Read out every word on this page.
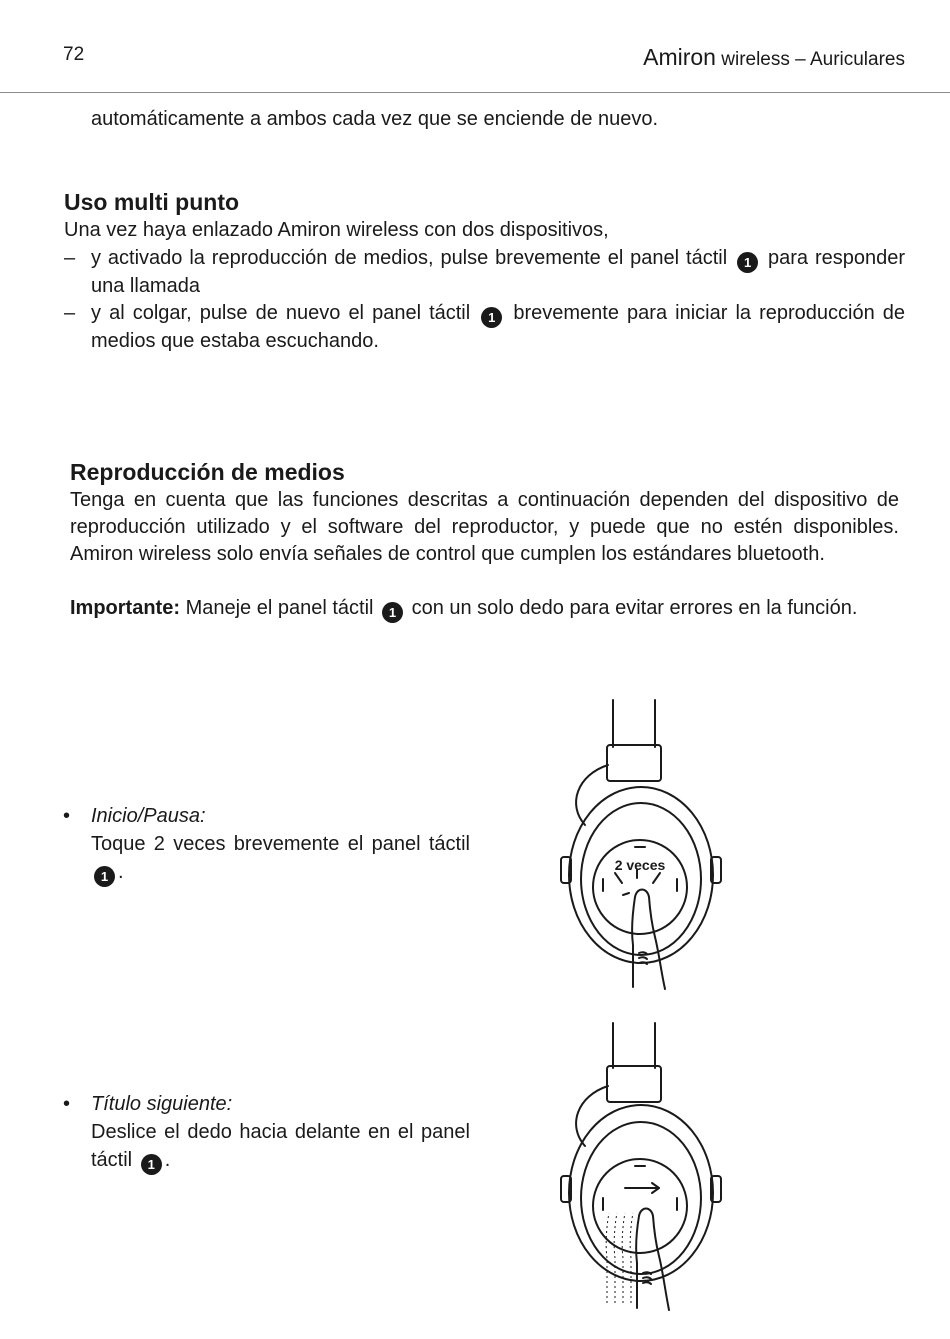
72	Amiron wireless – Auriculares

automáticamente a ambos cada vez que se enciende de nuevo.

Uso multi punto

Una vez haya enlazado Amiron wireless con dos dispositivos,

– y activado la reproducción de medios, pulse brevemente el panel táctil 1 para responder una llamada
– y al colgar, pulse de nuevo el panel táctil 1 brevemente para iniciar la reproducción de medios que estaba escuchando.
Reproducción de medios

Tenga en cuenta que las funciones descritas a continuación dependen del dispositivo de reproducción utilizado y el software del reproductor, y puede que no estén disponibles. Amiron wireless solo envía señales de control que cumplen los estándares bluetooth.

Importante: Maneje el panel táctil 1 con un solo dedo para evitar errores en la función.

• Inicio/Pausa:
Toque 2 veces brevemente el panel táctil 1 .
• Título siguiente:
Deslice el dedo hacia delante en el panel táctil 1 .
2 veces
